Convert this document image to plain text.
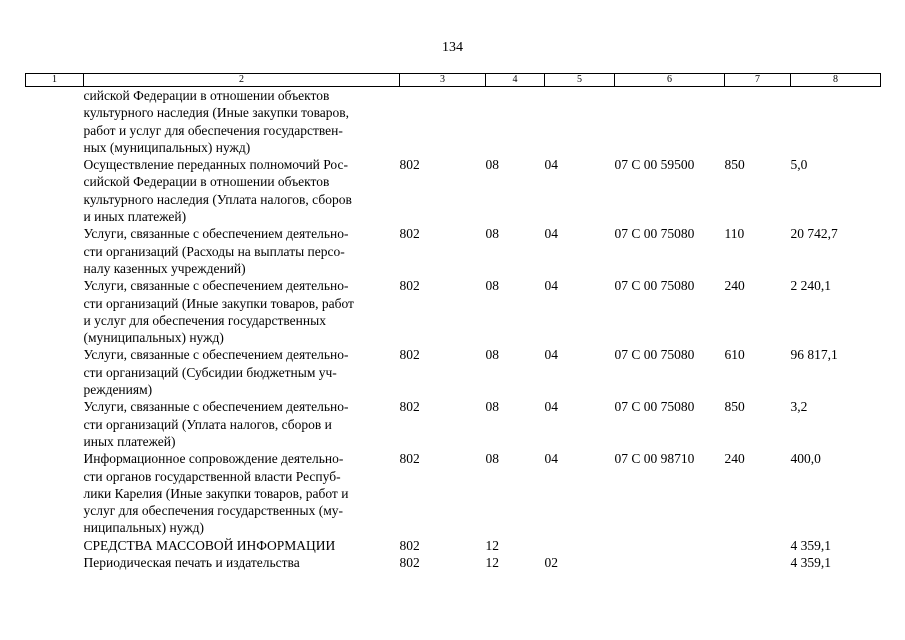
134
1	2	3	4	5	6	7	8

	сийской Федерации в отношении объектов
культурного наследия (Иные закупки товаров,
работ и услуг для обеспечения государствен-
ных (муниципальных) нужд)						

	Осуществление переданных полномочий Рос-
сийской Федерации в отношении объектов
культурного наследия (Уплата налогов, сборов
и иных платежей)	802	08	04	07 С 00 59500	850	5,0

	Услуги, связанные с обеспечением деятельно-
сти организаций (Расходы на выплаты персо-
налу казенных учреждений)	802	08	04	07 С 00 75080	110	20 742,7

	Услуги, связанные с обеспечением деятельно-
сти организаций (Иные закупки товаров, работ
и услуг для обеспечения государственных
(муниципальных) нужд)	802	08	04	07 С 00 75080	240	2 240,1

	Услуги, связанные с обеспечением деятельно-
сти организаций (Субсидии бюджетным уч-
реждениям)	802	08	04	07 С 00 75080	610	96 817,1

	Услуги, связанные с обеспечением деятельно-
сти организаций (Уплата налогов, сборов и
иных платежей)	802	08	04	07 С 00 75080	850	3,2

	Информационное сопровождение деятельно-
сти органов государственной власти Респуб-
лики Карелия (Иные закупки товаров, работ и
услуг для обеспечения государственных (му-
ниципальных) нужд)	802	08	04	07 С 00 98710	240	400,0

	СРЕДСТВА МАССОВОЙ ИНФОРМАЦИИ	802	12				4 359,1

	Периодическая печать и издательства	802	12	02			4 359,1
